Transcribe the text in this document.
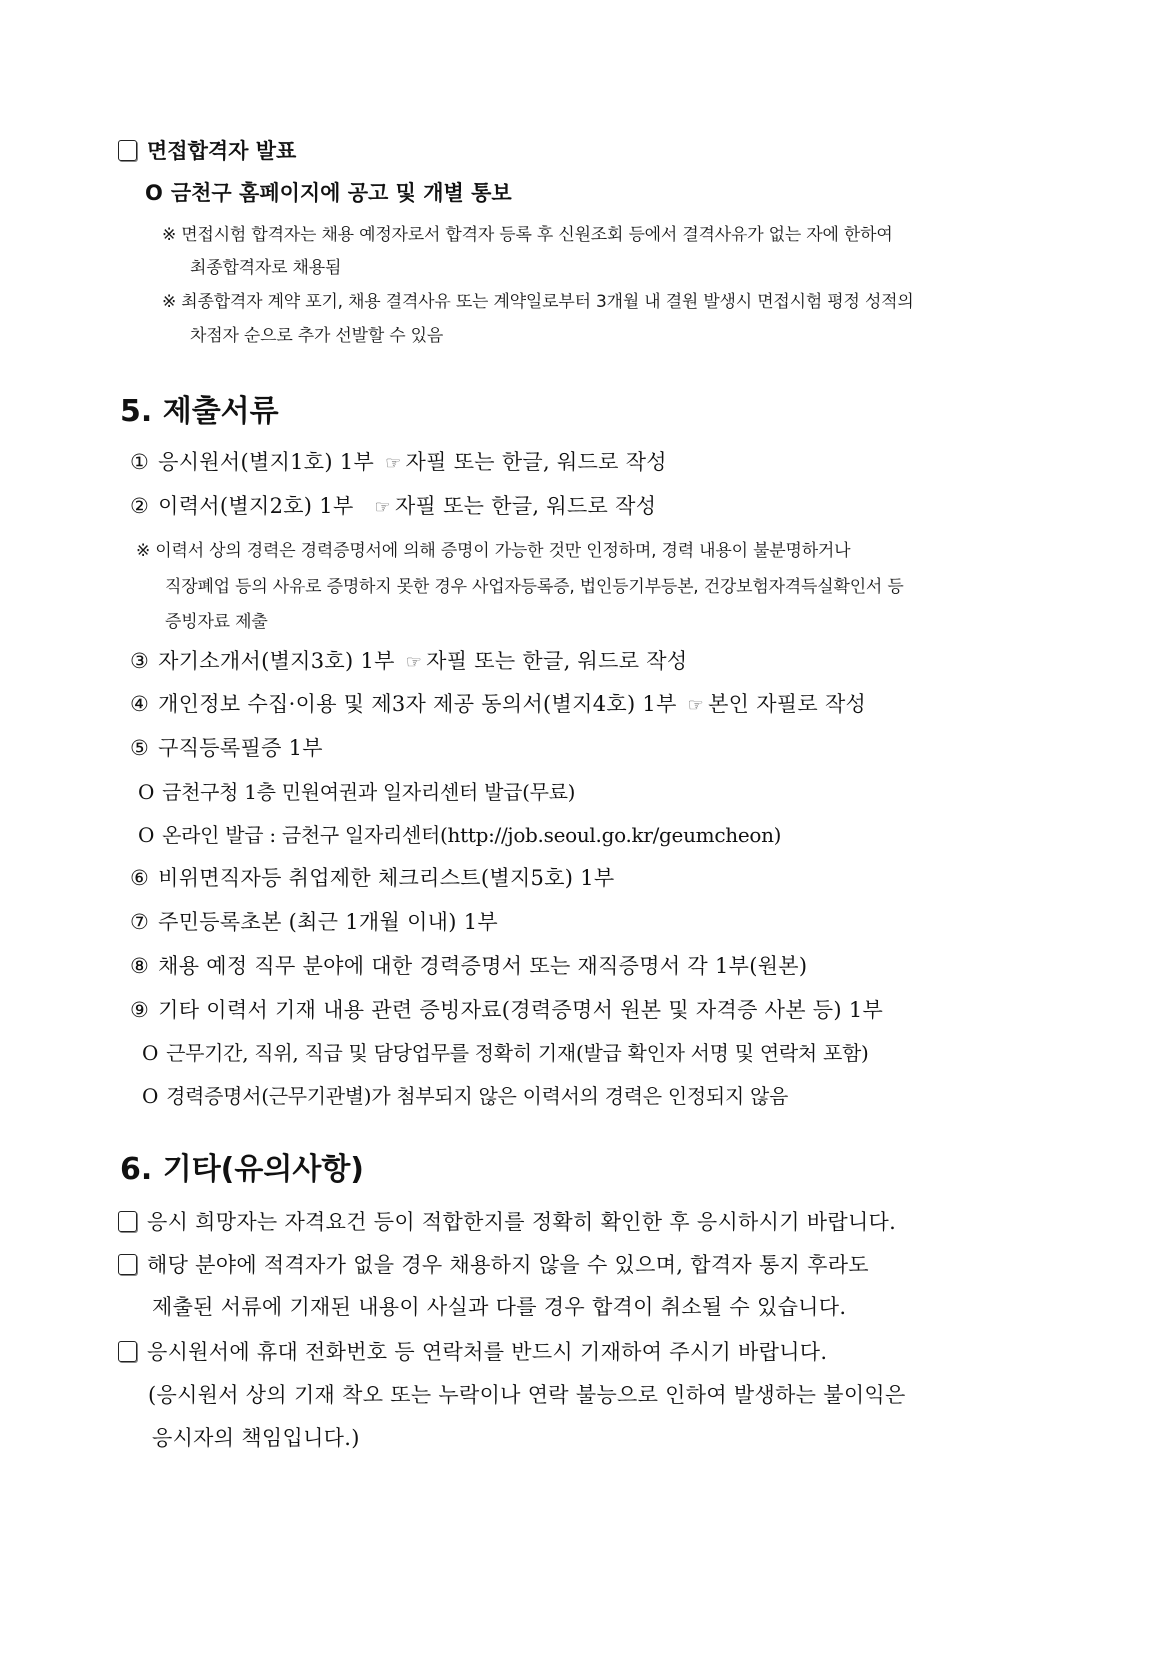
면접합격자 발표
O 금천구 홈페이지에 공고 및 개별 통보
※ 면접시험 합격자는 채용 예정자로서 합격자 등록 후 신원조회 등에서 결격사유가 없는 자에 한하여
최종합격자로 채용됨
※ 최종합격자 계약 포기, 채용 결격사유 또는 계약일로부터 3개월 내 결원 발생시 면접시험 평정 성적의
차점자 순으로 추가 선발할 수 있음
5. 제출서류
① 응시원서(별지1호) 1부 ☞ 자필 또는 한글, 워드로 작성
② 이력서(별지2호) 1부 ☞ 자필 또는 한글, 워드로 작성
※ 이력서 상의 경력은 경력증명서에 의해 증명이 가능한 것만 인정하며, 경력 내용이 불분명하거나
직장폐업 등의 사유로 증명하지 못한 경우 사업자등록증, 법인등기부등본, 건강보험자격득실확인서 등
증빙자료 제출
③ 자기소개서(별지3호) 1부 ☞ 자필 또는 한글, 워드로 작성
④ 개인정보 수집·이용 및 제3자 제공 동의서(별지4호) 1부 ☞ 본인 자필로 작성
⑤ 구직등록필증 1부
O 금천구청 1층 민원여권과 일자리센터 발급(무료)
O 온라인 발급 : 금천구 일자리센터(http://job.seoul.go.kr/geumcheon)
⑥ 비위면직자등 취업제한 체크리스트(별지5호) 1부
⑦ 주민등록초본 (최근 1개월 이내) 1부
⑧ 채용 예정 직무 분야에 대한 경력증명서 또는 재직증명서 각 1부(원본)
⑨ 기타 이력서 기재 내용 관련 증빙자료(경력증명서 원본 및 자격증 사본 등) 1부
O 근무기간, 직위, 직급 및 담당업무를 정확히 기재(발급 확인자 서명 및 연락처 포함)
O 경력증명서(근무기관별)가 첨부되지 않은 이력서의 경력은 인정되지 않음
6. 기타(유의사항)
응시 희망자는 자격요건 등이 적합한지를 정확히 확인한 후 응시하시기 바랍니다.
해당 분야에 적격자가 없을 경우 채용하지 않을 수 있으며, 합격자 통지 후라도
제출된 서류에 기재된 내용이 사실과 다를 경우 합격이 취소될 수 있습니다.
응시원서에 휴대 전화번호 등 연락처를 반드시 기재하여 주시기 바랍니다.
(응시원서 상의 기재 착오 또는 누락이나 연락 불능으로 인하여 발생하는 불이익은
응시자의 책임입니다.)
